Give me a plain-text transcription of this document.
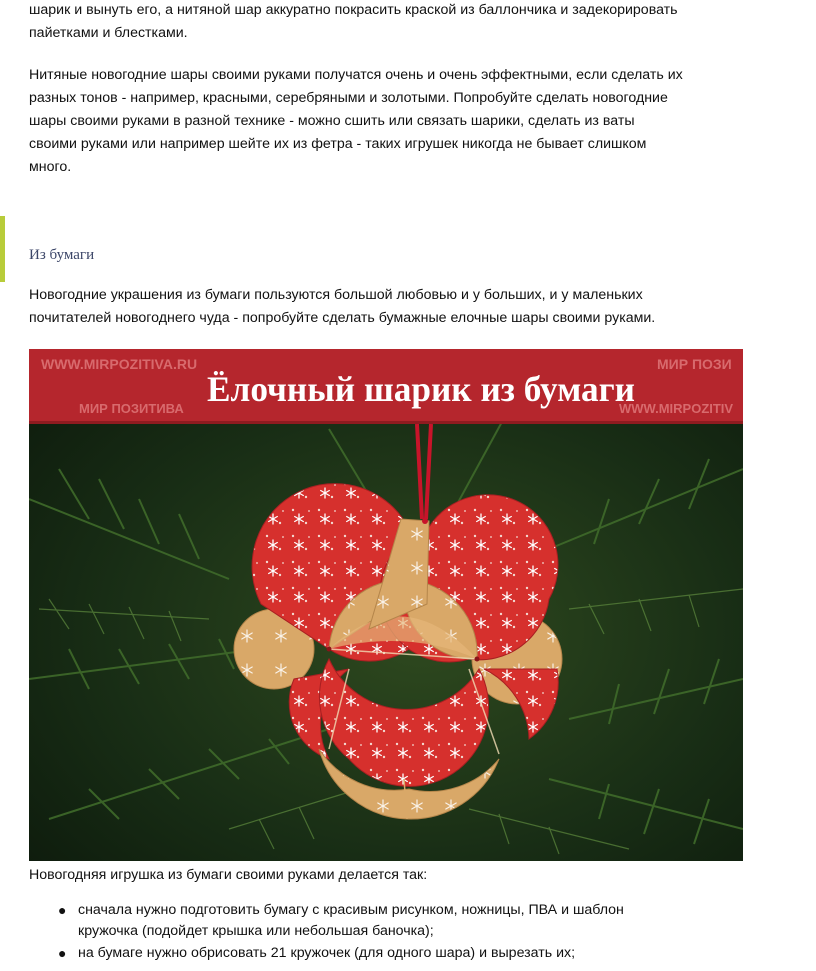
шарик и вынуть его, а нитяной шар аккуратно покрасить краской из баллончика и задекорировать
пайетками и блестками.

Нитяные новогодние шары своими руками получатся очень и очень эффектными, если сделать их
разных тонов - например, красными, серебряными и золотыми. Попробуйте сделать новогодние
шары своими руками в разной технике - можно сшить или связать шарики, сделать из ваты
своими руками или например шейте их из фетра - таких игрушек никогда не бывает слишком
много.

Из бумаги

Новогодние украшения из бумаги пользуются большой любовью и у больших, и у маленьких
почитателей новогоднего чуда - попробуйте сделать бумажные елочные шары своими руками.

WWW.MIRPOZITIVA.RU
МИР ПОЗИТИВА
МИР ПОЗИ
WWW.MIRPOZITIV
Ёлочный шарик из бумаги

Новогодняя игрушка из бумаги своими руками делается так:

● сначала нужно подготовить бумагу с красивым рисунком, ножницы, ПВА и шаблон
кружочка (подойдет крышка или небольшая баночка);
● на бумаге нужно обрисовать 21 кружочек (для одного шара) и вырезать их;
